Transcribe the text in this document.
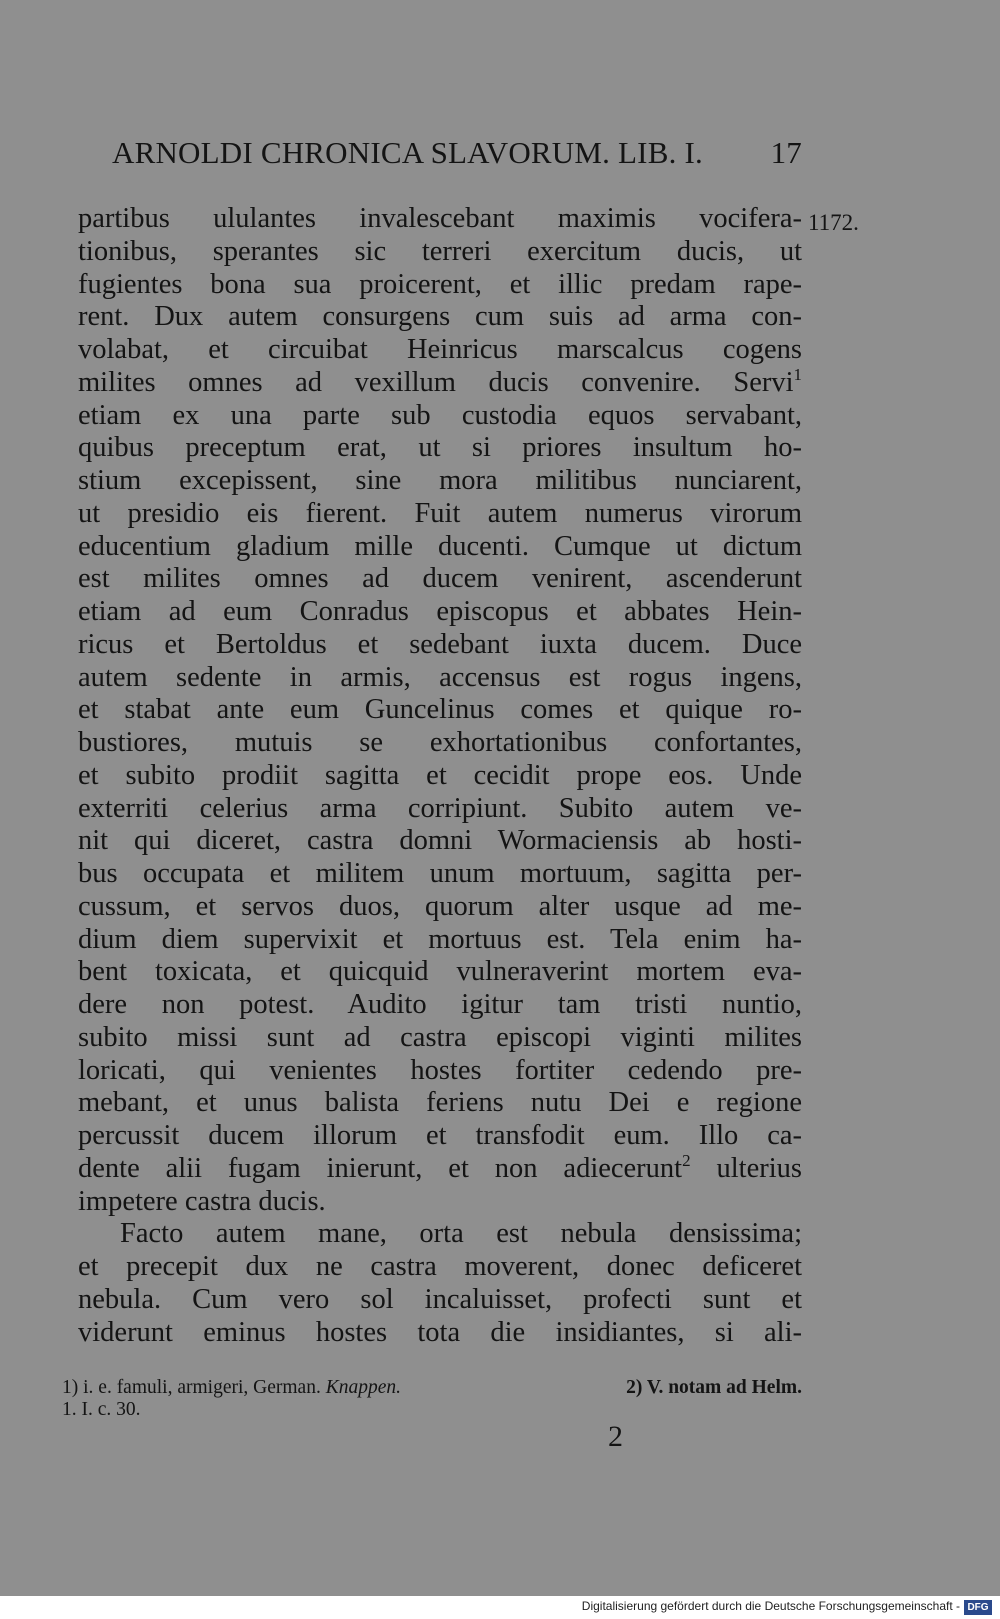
ARNOLDI CHRONICA SLAVORUM. LIB. I. 17
1172.
partibus ululantes invalescebant maximis vocifera-
tionibus, sperantes sic terreri exercitum ducis, ut
fugientes bona sua proicerent, et illic predam rape-
rent. Dux autem consurgens cum suis ad arma con-
volabat, et circuibat Heinricus marscalcus cogens
milites omnes ad vexillum ducis convenire. Servi$^1$
etiam ex una parte sub custodia equos servabant,
quibus preceptum erat, ut si priores insultum ho-
stium excepissent, sine mora militibus nunciarent,
ut presidio eis fierent. Fuit autem numerus virorum
educentium gladium mille ducenti. Cumque ut dictum
est milites omnes ad ducem venirent, ascenderunt
etiam ad eum Conradus episcopus et abbates Hein-
ricus et Bertoldus et sedebant iuxta ducem. Duce
autem sedente in armis, accensus est rogus ingens,
et stabat ante eum Guncelinus comes et quique ro-
bustiores, mutuis se exhortationibus confortantes,
et subito prodiit sagitta et cecidit prope eos. Unde
exterriti celerius arma corripiunt. Subito autem ve-
nit qui diceret, castra domni Wormaciensis ab hosti-
bus occupata et militem unum mortuum, sagitta per-
cussum, et servos duos, quorum alter usque ad me-
dium diem supervixit et mortuus est. Tela enim ha-
bent toxicata, et quicquid vulneraverint mortem eva-
dere non potest. Audito igitur tam tristi nuntio,
subito missi sunt ad castra episcopi viginti milites
loricati, qui venientes hostes fortiter cedendo pre-
mebant, et unus balista feriens nutu Dei e regione
percussit ducem illorum et transfodit eum. Illo ca-
dente alii fugam inierunt, et non adiecerunt$^2$ ulterius
impetere castra ducis.
Facto autem mane, orta est nebula densissima;
et precepit dux ne castra moverent, donec deficeret
nebula. Cum vero sol incaluisset, profecti sunt et
viderunt eminus hostes tota die insidiantes, si ali-
1) i. e. famuli, armigeri, German. Knappen.	2) V. notam ad Helm.
1. I. c. 30.
2
Digitalisierung gefördert durch die Deutsche Forschungsgemeinschaft - DFG
